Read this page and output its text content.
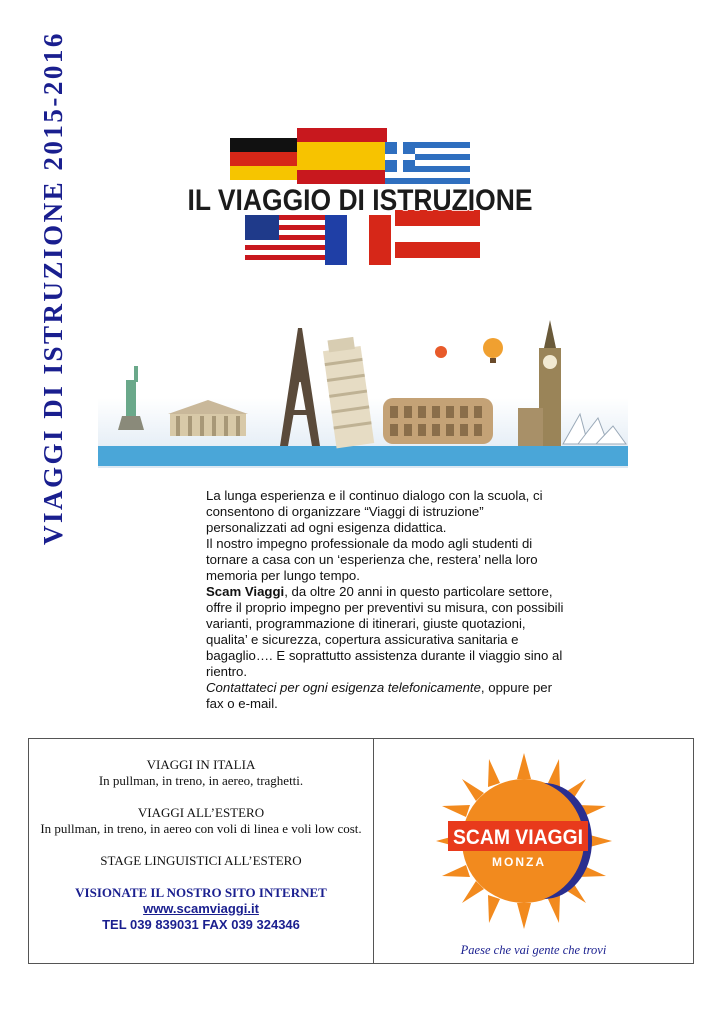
VIAGGI DI ISTRUZIONE 2015-2016	IL VIAGGIO DI ISTRUZIONE

La lunga esperienza e il continuo dialogo con la scuola, ci consentono di organizzare “Viaggi di istruzione” personalizzati ad ogni esigenza didattica.

Il nostro impegno professionale da modo agli studenti di tornare a casa con un ‘esperienza che, restera’ nella loro memoria per lungo tempo.

Scam Viaggi, da oltre 20 anni in questo particolare settore, offre il proprio impegno per preventivi su misura, con possibili varianti, programmazione di itinerari, giuste quotazioni, qualita’ e sicurezza, copertura assicurativa sanitaria e bagaglio…. E soprattutto assistenza durante il viaggio sino al rientro.

Contattateci per ogni esigenza telefonicamente, oppure per fax o e-mail.

VIAGGI IN ITALIA
In pullman, in treno, in aereo, traghetti.
VIAGGI ALL’ESTERO
In pullman, in treno, in aereo con voli di linea e voli low cost.
STAGE LINGUISTICI ALL’ESTERO
VISIONATE IL NOSTRO SITO INTERNET
www.scamviaggi.it
TEL 039 839031 FAX 039 324346
SCAM VIAGGI
MONZA
Paese che vai gente che trovi
